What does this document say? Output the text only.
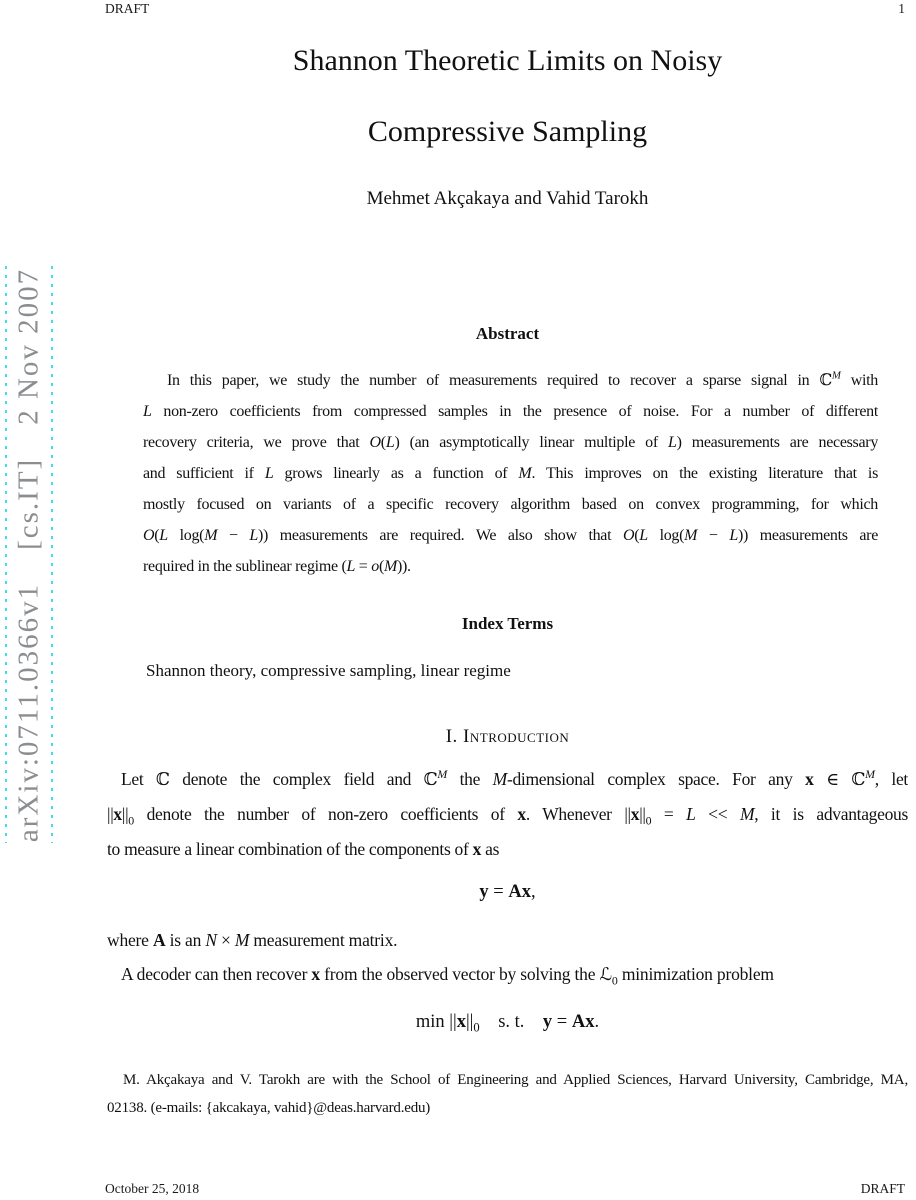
DRAFT	1
arXiv:0711.0366v1  [cs.IT]  2 Nov 2007
Shannon Theoretic Limits on Noisy
Compressive Sampling
Mehmet Akçakaya and Vahid Tarokh
Abstract
In this paper, we study the number of measurements required to recover a sparse signal in ℂ$^M$ with
L non-zero coefficients from compressed samples in the presence of noise. For a number of different
recovery criteria, we prove that O(L) (an asymptotically linear multiple of L) measurements are necessary
and sufficient if L grows linearly as a function of M. This improves on the existing literature that is
mostly focused on variants of a specific recovery algorithm based on convex programming, for which
O(L log(M − L)) measurements are required. We also show that O(L log(M − L)) measurements are
required in the sublinear regime (L = o(M)).
Index Terms
Shannon theory, compressive sampling, linear regime
I. Introduction
Let ℂ denote the complex field and ℂ$^M$ the M-dimensional complex space. For any x ∈ ℂ$^M$, let
$||x||_0$ denote the number of non-zero coefficients of x. Whenever $||x||_0 = L << M$, it is advantageous
to measure a linear combination of the components of x as
y = Ax,
where A is an N × M measurement matrix.
A decoder can then recover x from the observed vector by solving the ℒ$_0$ minimization problem
$\min ||x||_0$ s. t. y = Ax.
M. Akçakaya and V. Tarokh are with the School of Engineering and Applied Sciences, Harvard University, Cambridge, MA,
02138. (e-mails: {akcakaya, vahid}@deas.harvard.edu)
October 25, 2018	DRAFT
